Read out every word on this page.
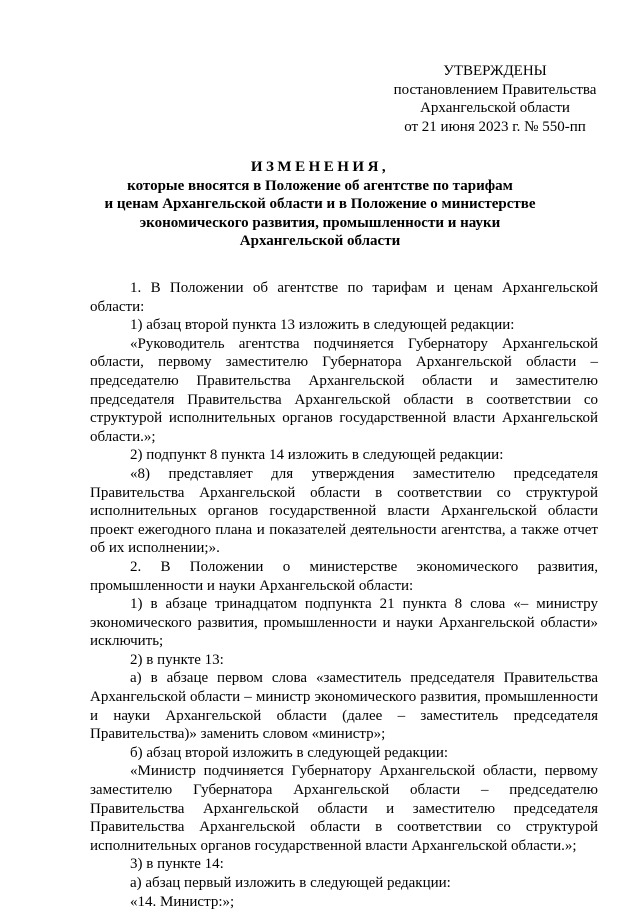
УТВЕРЖДЕНЫ
постановлением Правительства
Архангельской области
от 21 июня 2023 г. № 550-пп
ИЗМЕНЕНИЯ,
которые вносятся в Положение об агентстве по тарифам
и ценам Архангельской области и в Положение о министерстве
экономического развития, промышленности и науки
Архангельской области

1. В Положении об агентстве по тарифам и ценам Архангельской области:

1) абзац второй пункта 13 изложить в следующей редакции:

«Руководитель агентства подчиняется Губернатору Архангельской области, первому заместителю Губернатора Архангельской области – председателю Правительства Архангельской области и заместителю председателя Правительства Архангельской области в соответствии со структурой исполнительных органов государственной власти Архангельской области.»;

2) подпункт 8 пункта 14 изложить в следующей редакции:

«8) представляет для утверждения заместителю председателя Правительства Архангельской области в соответствии со структурой исполнительных органов государственной власти Архангельской области проект ежегодного плана и показателей деятельности агентства, а также отчет об их исполнении;».

2. В Положении о министерстве экономического развития, промышленности и науки Архангельской области:

1) в абзаце тринадцатом подпункта 21 пункта 8 слова «– министру экономического развития, промышленности и науки Архангельской области» исключить;

2) в пункте 13:

а) в абзаце первом слова «заместитель председателя Правительства Архангельской области – министр экономического развития, промышленности и науки Архангельской области (далее – заместитель председателя Правительства)» заменить словом «министр»;

б) абзац второй изложить в следующей редакции:

«Министр подчиняется Губернатору Архангельской области, первому заместителю Губернатора Архангельской области – председателю Правительства Архангельской области и заместителю председателя Правительства Архангельской области в соответствии со структурой исполнительных органов государственной власти Архангельской области.»;

3) в пункте 14:

а) абзац первый изложить в следующей редакции:

«14. Министр:»;
